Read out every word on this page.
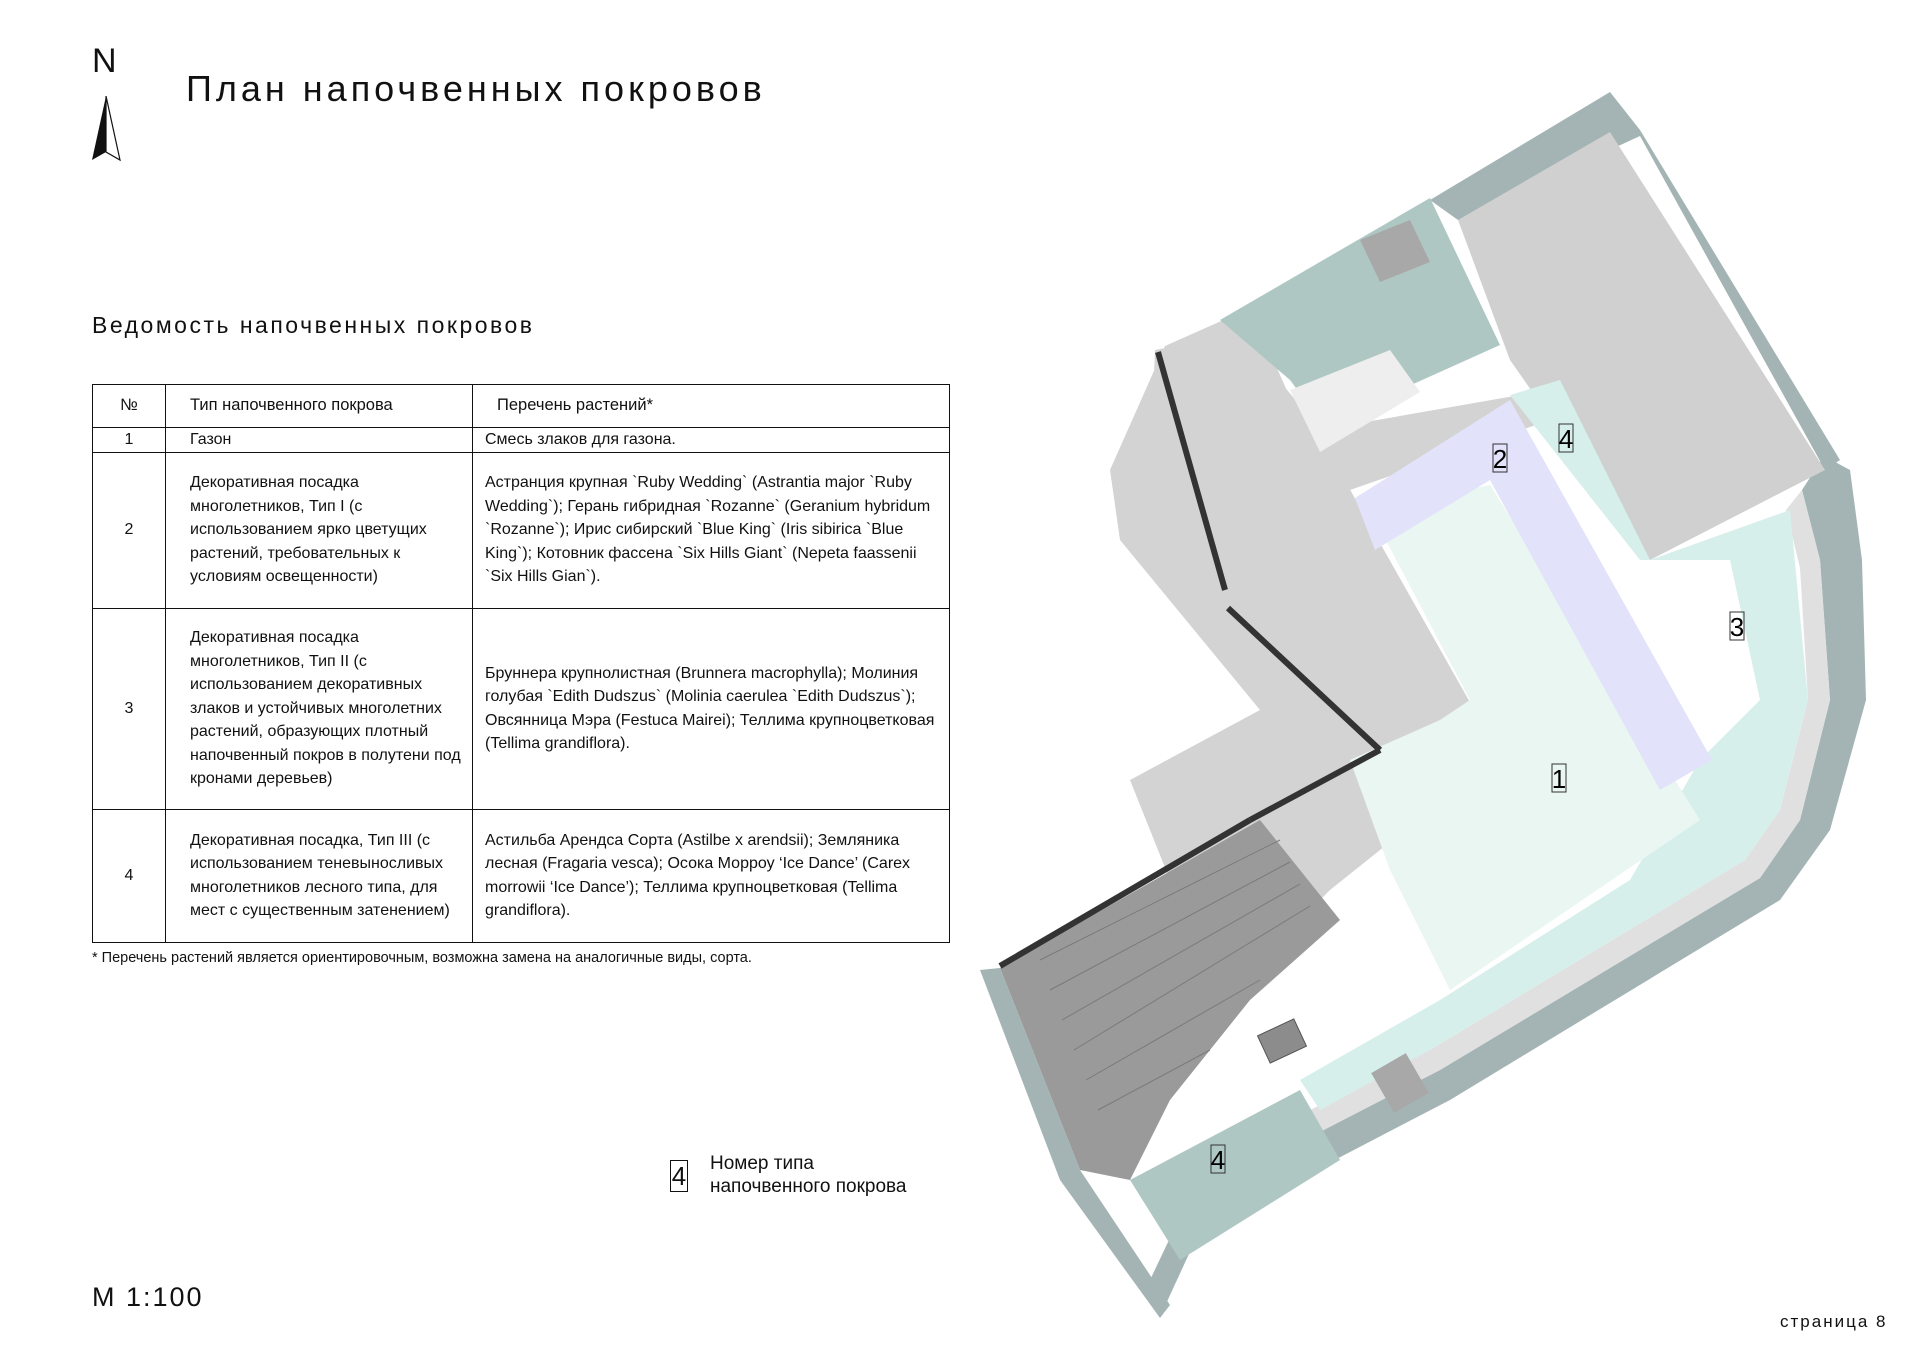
N
План напочвенных покровов
Ведомость напочвенных покровов
№	Тип напочвенного покрова	Перечень растений*
1	Газон	Смесь злаков для газона.
2	Декоративная посадка многолетников, Тип I (с использованием ярко цветущих растений, требовательных к условиям освещенности)	Астранция крупная `Ruby Wedding` (Astrantia major `Ruby Wedding`); Герань гибридная `Rozanne` (Geranium hybridum `Rozanne`); Ирис сибирский `Blue King` (Iris sibirica `Blue King`); Котовник фассена `Six Hills Giant` (Nepeta faassenii `Six Hills Gian`).

3	Декоративная посадка многолетников, Тип II (с использованием декоративных злаков и устойчивых многолетних растений, образующих плотный напочвенный покров в полутени под кронами деревьев)	Бруннера крупнолистная (Brunnera macrophylla); Молиния голубая `Edith Dudszus` (Molinia caerulea `Edith Dudszus`); Овсянница Мэра (Festuca Mairei); Теллима крупноцветковая (Tellima grandiflora).

4	Декоративная посадка, Тип III (с использованием теневыносливых многолетников лесного типа, для мест с существенным затенением)	Астильба Арендса Сорта (Astilbe x arendsii); Земляника лесная (Fragaria vesca); Осока Морроу ‘Ice Dance’ (Carex morrowii ‘Ice Dance’); Теллима крупноцветковая (Tellima grandiflora).
* Перечень растений является ориентировочным, возможна замена на аналогичные виды, сорта.
4
2
3
1
4
4 Номер типа
напочвенного покрова
М 1:100
страница 8
